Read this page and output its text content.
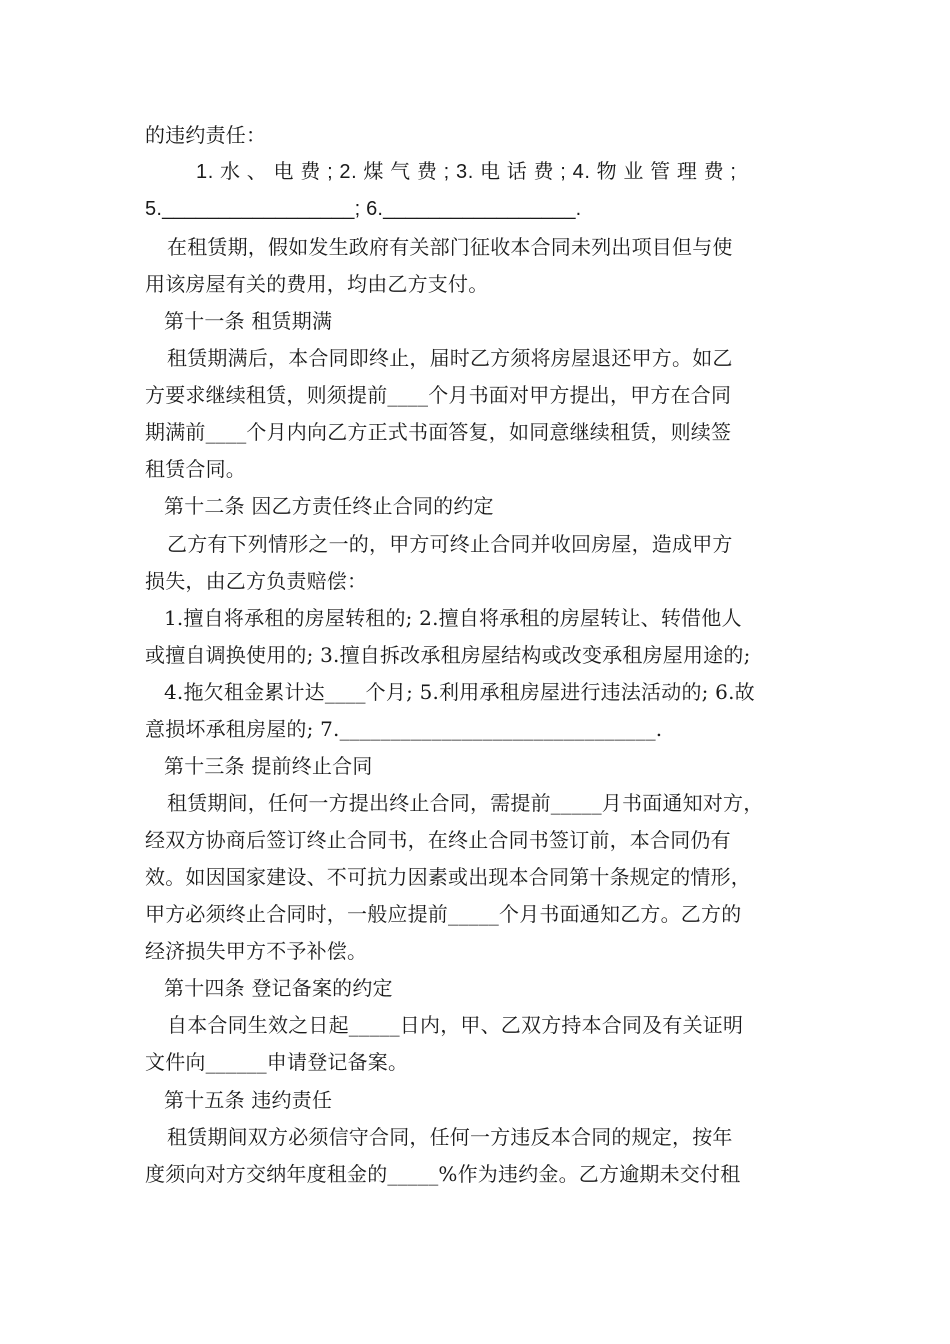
的违约责任：
1. 水 、 电 费 ; 2. 煤 气 费 ; 3. 电 话 费 ; 4. 物 业 管 理 费 ;
5._________________; 6._________________.
在租赁期，假如发生政府有关部门征收本合同未列出项目但与使
用该房屋有关的费用，均由乙方支付。
第十一条 租赁期满
租赁期满后，本合同即终止，届时乙方须将房屋退还甲方。如乙
方要求继续租赁，则须提前____个月书面对甲方提出，甲方在合同
期满前____个月内向乙方正式书面答复，如同意继续租赁，则续签
租赁合同。
第十二条 因乙方责任终止合同的约定
乙方有下列情形之一的，甲方可终止合同并收回房屋，造成甲方
损失，由乙方负责赔偿：
1.擅自将承租的房屋转租的; 2.擅自将承租的房屋转让、转借他人
或擅自调换使用的; 3.擅自拆改承租房屋结构或改变承租房屋用途的;
4.拖欠租金累计达____个月; 5.利用承租房屋进行违法活动的; 6.故
意损坏承租房屋的; 7._______________________________.
第十三条 提前终止合同
租赁期间，任何一方提出终止合同，需提前_____月书面通知对方，
经双方协商后签订终止合同书，在终止合同书签订前，本合同仍有
效。如因国家建设、不可抗力因素或出现本合同第十条规定的情形，
甲方必须终止合同时，一般应提前_____个月书面通知乙方。乙方的
经济损失甲方不予补偿。
第十四条 登记备案的约定
自本合同生效之日起_____日内，甲、乙双方持本合同及有关证明
文件向______申请登记备案。
第十五条 违约责任
租赁期间双方必须信守合同，任何一方违反本合同的规定，按年
度须向对方交纳年度租金的_____%作为违约金。乙方逾期未交付租
